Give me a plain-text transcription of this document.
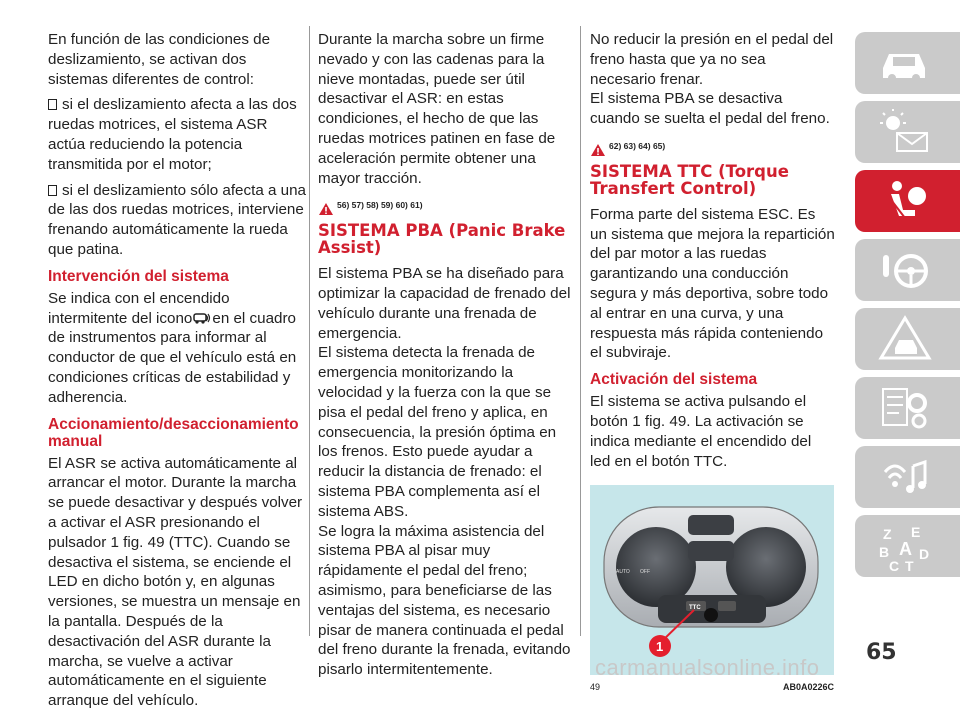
En función de las condiciones de deslizamiento, se activan dos sistemas diferentes de control:

si el deslizamiento afecta a las dos ruedas motrices, el sistema ASR actúa reduciendo la potencia transmitida por el motor;

si el deslizamiento sólo afecta a una de las dos ruedas motrices, interviene frenando automáticamente la rueda que patina.

Intervención del sistema

Se indica con el encendido intermitente del icono en el cuadro de instrumentos para informar al conductor de que el vehículo está en condiciones críticas de estabilidad y adherencia.

Accionamiento/desaccionamiento manual

El ASR se activa automáticamente al arrancar el motor. Durante la marcha se puede desactivar y después volver a activar el ASR presionando el pulsador 1 fig. 49 (TTC). Cuando se desactiva el sistema, se enciende el LED en dicho botón y, en algunas versiones, se muestra un mensaje en la pantalla. Después de la desactivación del ASR durante la marcha, se vuelve a activar automáticamente en el siguiente arranque del vehículo.

Durante la marcha sobre un firme nevado y con las cadenas para la nieve montadas, puede ser útil desactivar el ASR: en estas condiciones, el hecho de que las ruedas motrices patinen en fase de aceleración permite obtener una mayor tracción.

56) 57) 58) 59) 60) 61)
SISTEMA PBA (Panic Brake Assist)

El sistema PBA se ha diseñado para optimizar la capacidad de frenado del vehículo durante una frenada de emergencia.

El sistema detecta la frenada de emergencia monitorizando la velocidad y la fuerza con la que se pisa el pedal del freno y aplica, en consecuencia, la presión óptima en los frenos. Esto puede ayudar a reducir la distancia de frenado: el sistema PBA complementa así el sistema ABS.

Se logra la máxima asistencia del sistema PBA al pisar muy rápidamente el pedal del freno; asimismo, para beneficiarse de las ventajas del sistema, es necesario pisar de manera continuada el pedal del freno durante la frenada, evitando pisarlo intermitentemente.

No reducir la presión en el pedal del freno hasta que ya no sea necesario frenar.

El sistema PBA se desactiva cuando se suelta el pedal del freno.

62) 63) 64) 65)
SISTEMA TTC (Torque Transfert Control)

Forma parte del sistema ESC. Es un sistema que mejora la repartición del par motor a las ruedas garantizando una conducción segura y más deportiva, sobre todo al entrar en una curva, y una respuesta más rápida conteniendo el subviraje.

Activación del sistema

El sistema se activa pulsando el botón 1 fig. 49. La activación se indica mediante el encendido del led en el botón TTC.

AUTO OFF
TTC
1
49	AB0A0226C
Z E
B A D
C T
65
carmanualsonline.info
